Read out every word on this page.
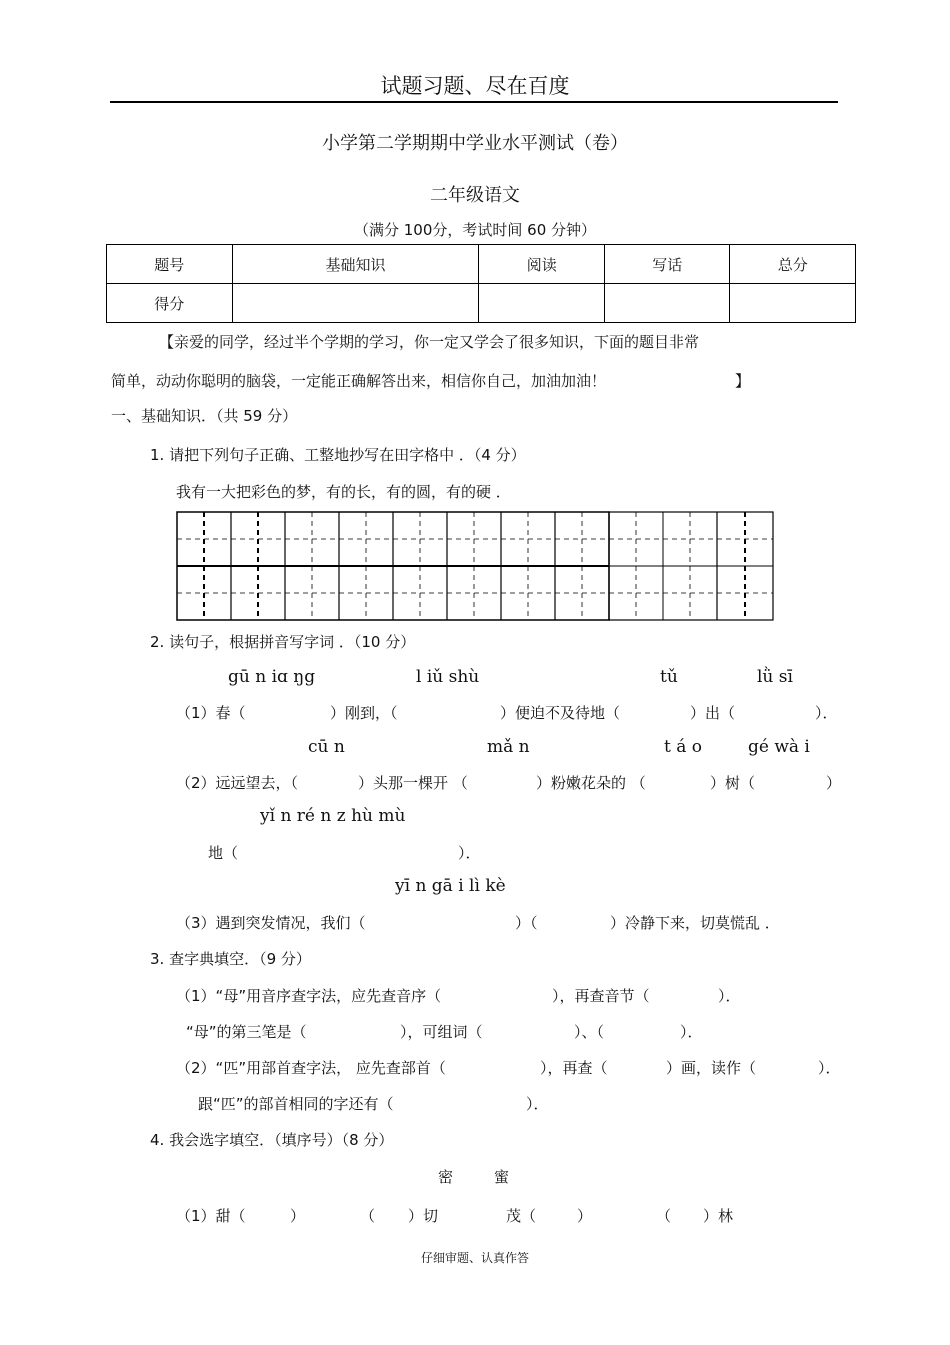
试题习题、尽在百度
小学第二学期期中学业水平测试（卷）
二年级语文
（满分 100分，考试时间 60 分钟）
题号	基础知识	阅读	写话	总分
得分				
【亲爱的同学，经过半个学期的学习，你一定又学会了很多知识，下面的题目非常
简单，动动你聪明的脑袋，一定能正确解答出来，相信你自己，加油加油！	】
一、基础知识．（共 59 分）
1. 请把下列句子正确、工整地抄写在田字格中 ．（4 分）
我有一大把彩色的梦，有的长，有的圆，有的硬 ．
2. 读句子，根据拼音写字词 ．（10 分）
gū n iɑ ŋg	l iǔ shù	tǔ	lǜ sī
（1）春（	）刚到，（	）便迫不及待地（	）出（	）．
cū n	mǎ n	t á o	gé wà i
（2）远远望去，（	）头那一棵开 （	）粉嫩花朵的 （	）树（	）
yǐ n ré n z hù mù
地（	）．
yī n gā i lì kè
（3）遇到突发情况，我们（	）（	）冷静下来，切莫慌乱 ．
3. 查字典填空．（9 分）
（1）“母”用音序查字法，应先查音序（	），再查音节（	）．
“母”的第三笔是（	），可组词（	）、（	）．
（2）“匹”用部首查字法， 应先查部首（	），再查（	）画，读作（	）．
跟“匹”的部首相同的字还有（	）．
4. 我会选字填空．（填序号）（8 分）
密	蜜
（1）甜（	）	（ ）切	茂（	）	（ ）林
仔细审题、认真作答
